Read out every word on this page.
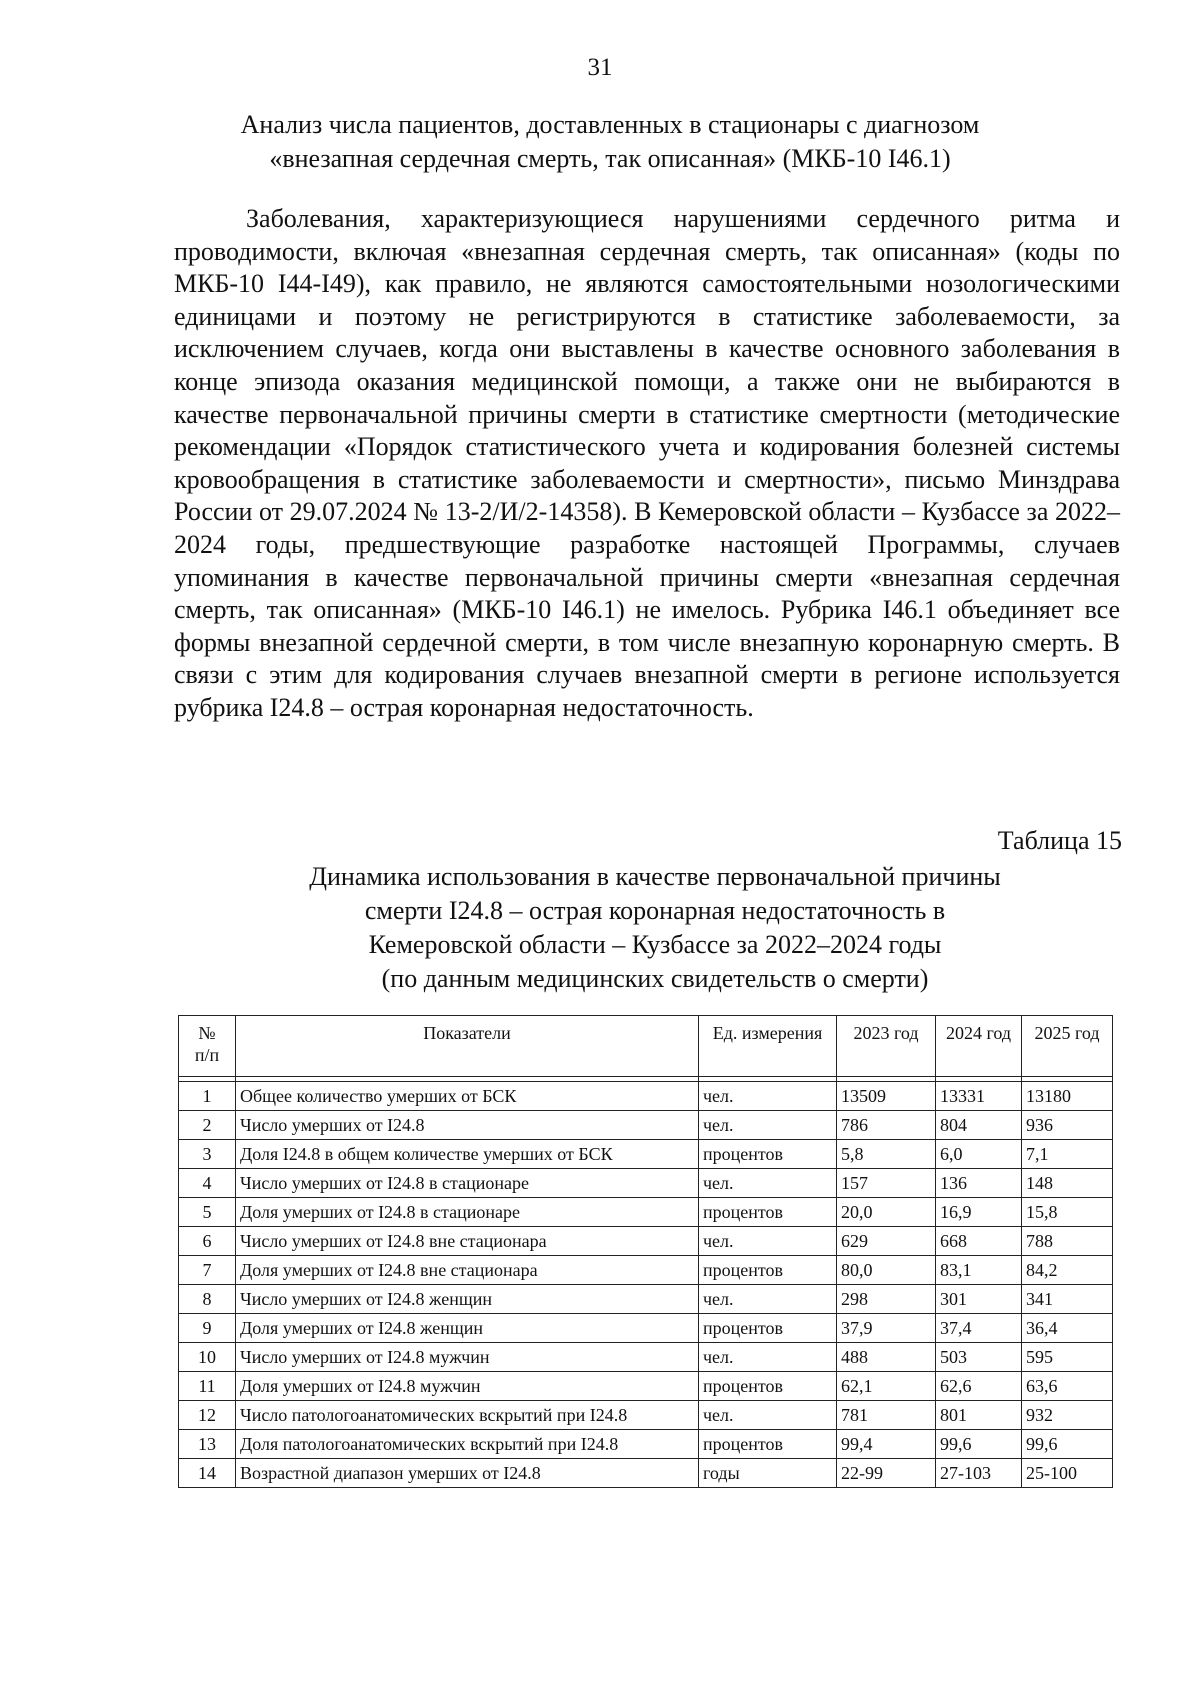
31
Анализ числа пациентов, доставленных в стационары с диагнозом
«внезапная сердечная смерть, так описанная» (МКБ-10 I46.1)

Заболевания, характеризующиеся нарушениями сердечного ритма и проводимости, включая «внезапная сердечная смерть, так описанная» (коды по МКБ-10 I44-I49), как правило, не являются самостоятельными нозологическими единицами и поэтому не регистрируются в статистике заболеваемости, за исключением случаев, когда они выставлены в качестве основного заболевания в конце эпизода оказания медицинской помощи, а также они не выбираются в качестве первоначальной причины смерти в статистике смертности (методические рекомендации «Порядок статистического учета и кодирования болезней системы кровообращения в статистике заболеваемости и смертности», письмо Минздрава России от 29.07.2024 № 13-2/И/2-14358). В Кемеровской области – Кузбассе за 2022–2024 годы, предшествующие разработке настоящей Программы, случаев упоминания в качестве первоначальной причины смерти «внезапная сердечная смерть, так описанная» (МКБ-10 I46.1) не имелось. Рубрика I46.1 объединяет все формы внезапной сердечной смерти, в том числе внезапную коронарную смерть. В связи с этим для кодирования случаев внезапной смерти в регионе используется рубрика I24.8 – острая коронарная недостаточность.

Таблица 15
Динамика использования в качестве первоначальной причины
смерти I24.8 – острая коронарная недостаточность в
Кемеровской области – Кузбассе за 2022–2024 годы
(по данным медицинских свидетельств о смерти)
№
п/п	Показатели	Ед. измерения	2023 год	2024 год	2025 год

1	Общее количество умерших от БСК	чел.	13509	13331	13180
2	Число умерших от I24.8	чел.	786	804	936
3	Доля I24.8 в общем количестве умерших от БСК	процентов	5,8	6,0	7,1
4	Число умерших от I24.8 в стационаре	чел.	157	136	148
5	Доля умерших от I24.8 в стационаре	процентов	20,0	16,9	15,8
6	Число умерших от I24.8 вне стационара	чел.	629	668	788
7	Доля умерших от I24.8 вне стационара	процентов	80,0	83,1	84,2
8	Число умерших от I24.8 женщин	чел.	298	301	341
9	Доля умерших от I24.8 женщин	процентов	37,9	37,4	36,4
10	Число умерших от I24.8 мужчин	чел.	488	503	595
11	Доля умерших от I24.8 мужчин	процентов	62,1	62,6	63,6
12	Число патологоанатомических вскрытий при I24.8	чел.	781	801	932
13	Доля патологоанатомических вскрытий при I24.8	процентов	99,4	99,6	99,6
14	Возрастной диапазон умерших от I24.8	годы	22-99	27-103	25-100
